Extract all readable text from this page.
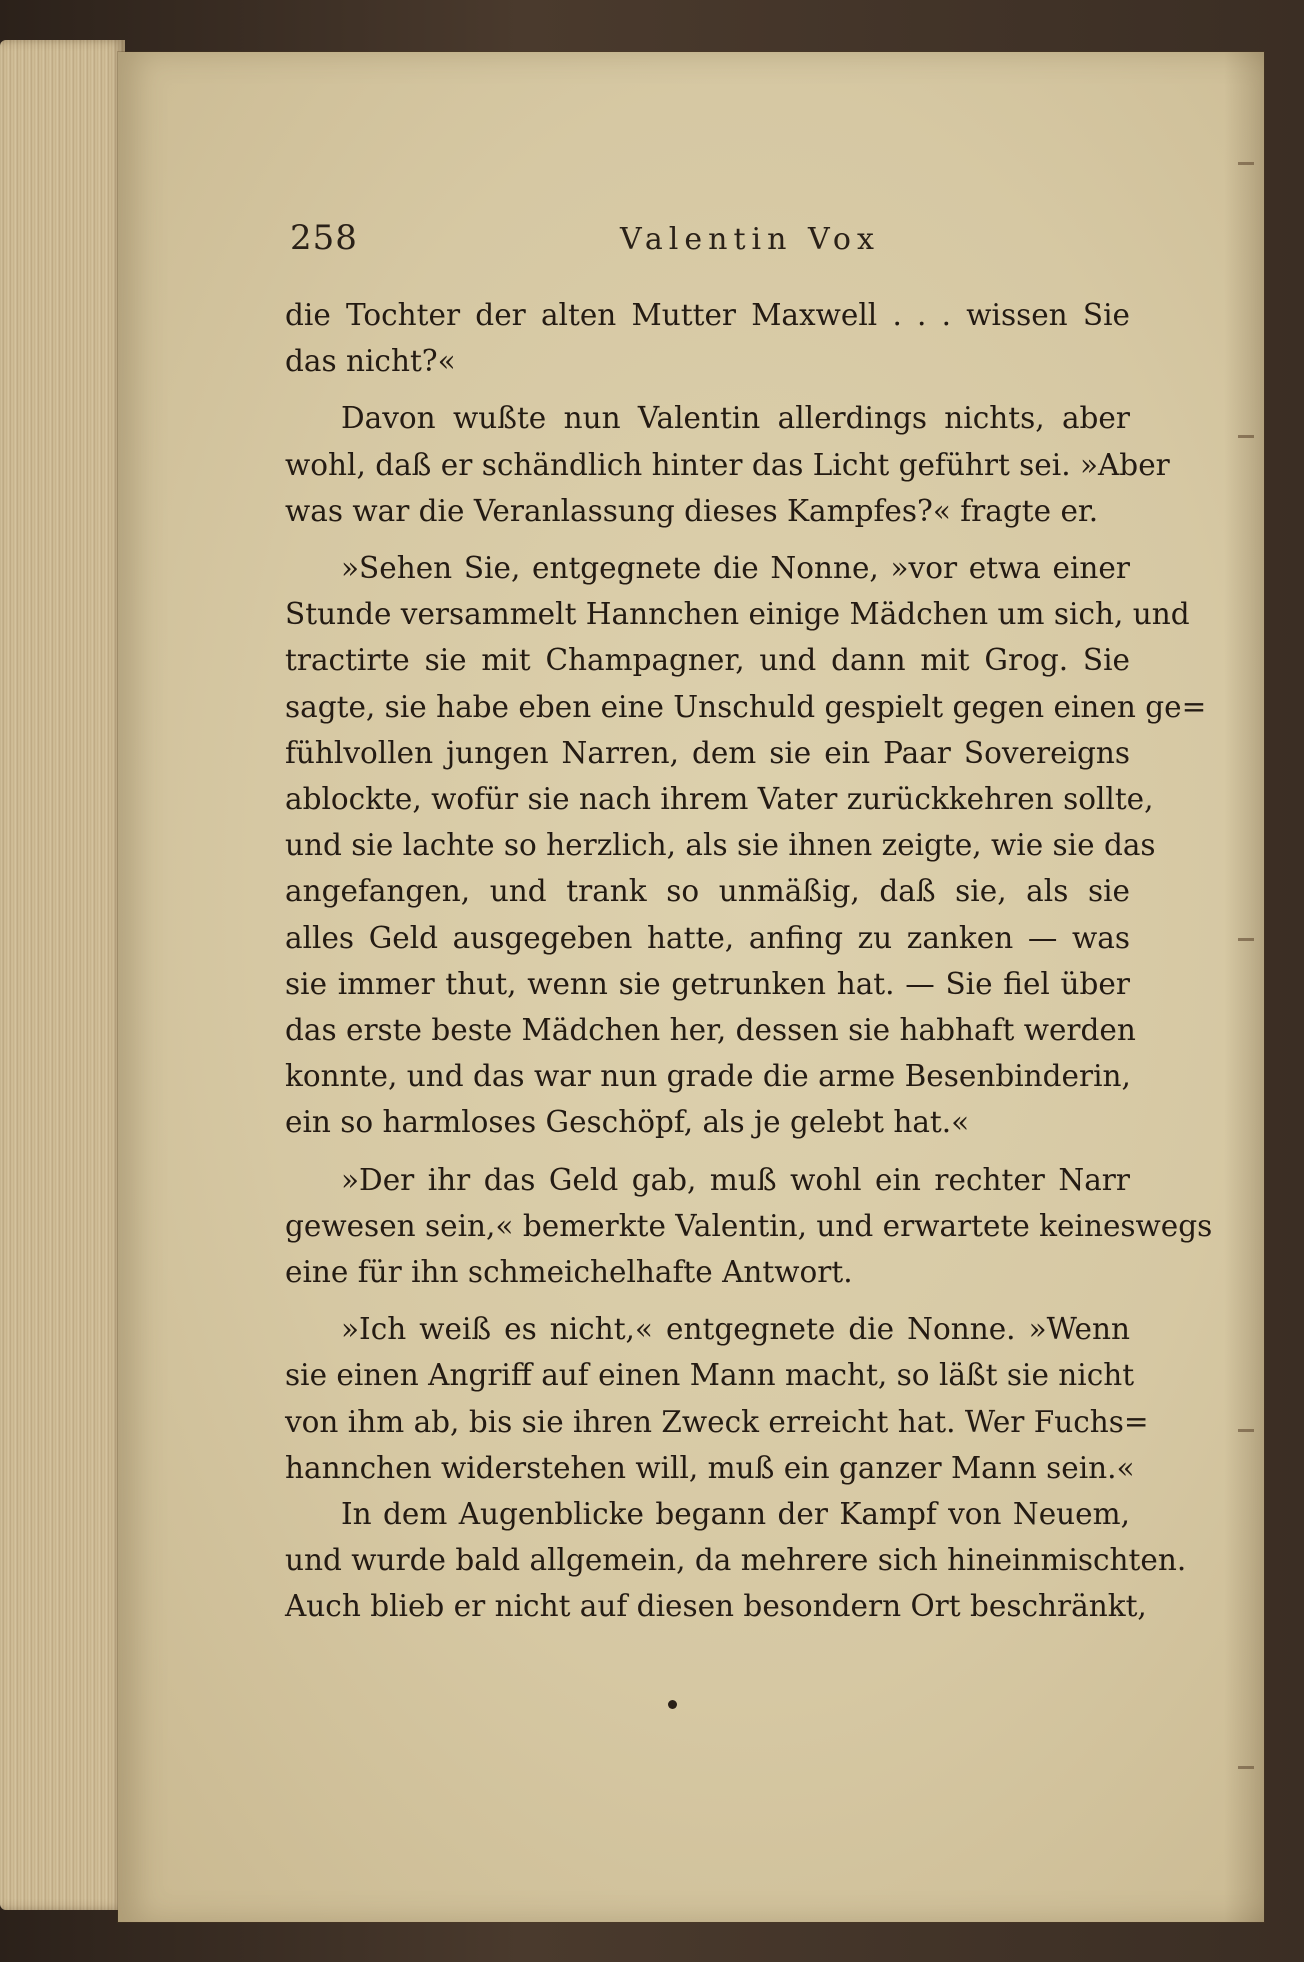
258	Valentin Vox
die Tochter der alten Mutter Maxwell . . . wissen Sie
das nicht?«
Davon wußte nun Valentin allerdings nichts, aber
wohl, daß er schändlich hinter das Licht geführt sei. »Aber
was war die Veranlassung dieses Kampfes?« fragte er.
»Sehen Sie, entgegnete die Nonne, »vor etwa einer
Stunde versammelt Hannchen einige Mädchen um sich, und
tractirte sie mit Champagner, und dann mit Grog. Sie
sagte, sie habe eben eine Unschuld gespielt gegen einen ge=
fühlvollen jungen Narren, dem sie ein Paar Sovereigns
ablockte, wofür sie nach ihrem Vater zurückkehren sollte,
und sie lachte so herzlich, als sie ihnen zeigte, wie sie das
angefangen, und trank so unmäßig, daß sie, als sie
alles Geld ausgegeben hatte, anfing zu zanken — was
sie immer thut, wenn sie getrunken hat. — Sie fiel über
das erste beste Mädchen her, dessen sie habhaft werden
konnte, und das war nun grade die arme Besenbinderin,
ein so harmloses Geschöpf, als je gelebt hat.«
»Der ihr das Geld gab, muß wohl ein rechter Narr
gewesen sein,« bemerkte Valentin, und erwartete keineswegs
eine für ihn schmeichelhafte Antwort.
»Ich weiß es nicht,« entgegnete die Nonne. »Wenn
sie einen Angriff auf einen Mann macht, so läßt sie nicht
von ihm ab, bis sie ihren Zweck erreicht hat. Wer Fuchs=
hannchen widerstehen will, muß ein ganzer Mann sein.«
In dem Augenblicke begann der Kampf von Neuem,
und wurde bald allgemein, da mehrere sich hineinmischten.
Auch blieb er nicht auf diesen besondern Ort beschränkt,
